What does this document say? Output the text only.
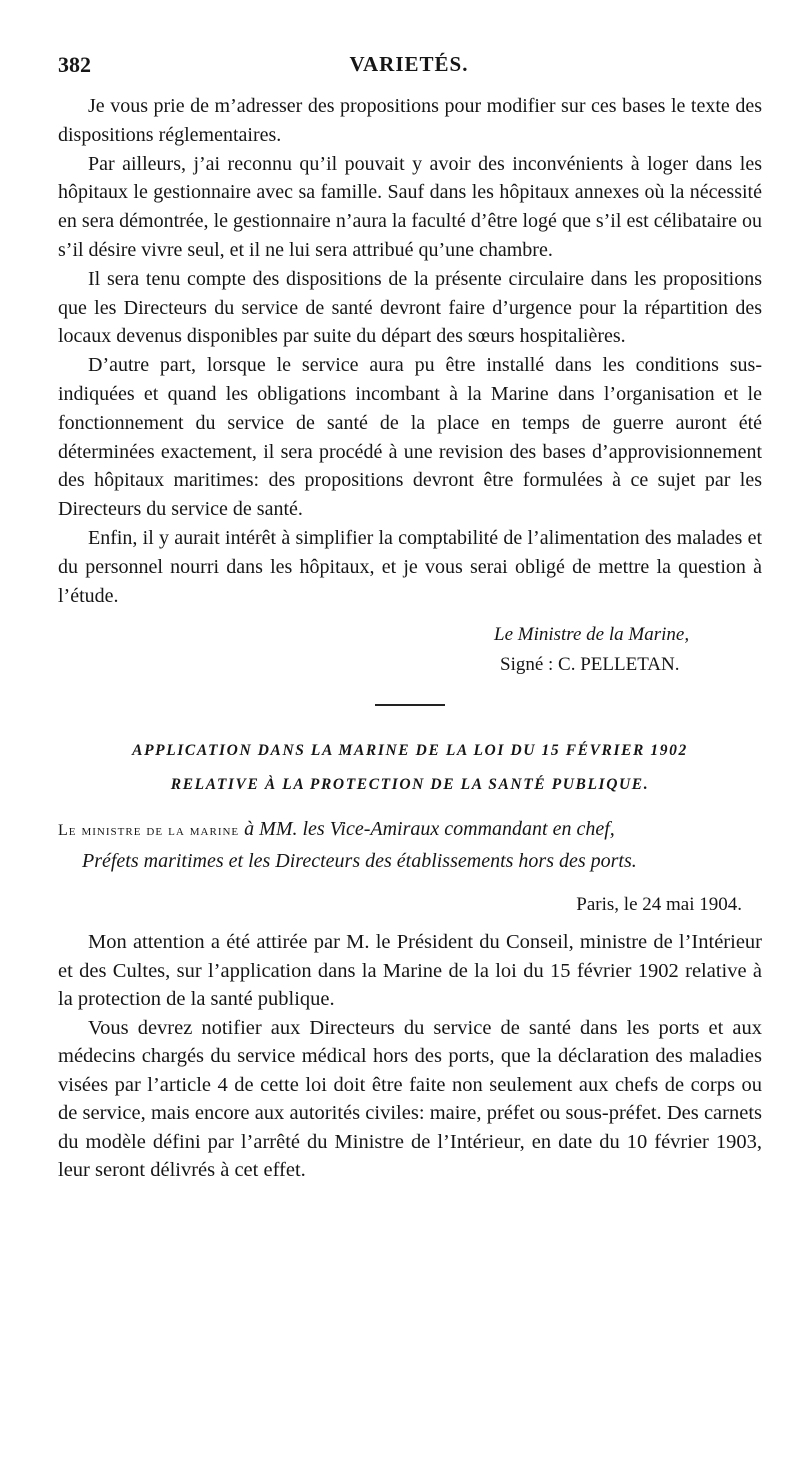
382	VARIETÉS.

Je vous prie de m’adresser des propositions pour modifier sur ces bases le texte des dispositions réglementaires.

Par ailleurs, j’ai reconnu qu’il pouvait y avoir des inconvénients à loger dans les hôpitaux le gestionnaire avec sa famille. Sauf dans les hôpitaux annexes où la nécessité en sera démontrée, le gestionnaire n’aura la faculté d’être logé que s’il est célibataire ou s’il désire vivre seul, et il ne lui sera attribué qu’une chambre.

Il sera tenu compte des dispositions de la présente circulaire dans les propositions que les Directeurs du service de santé devront faire d’urgence pour la répartition des locaux devenus disponibles par suite du départ des sœurs hospitalières.

D’autre part, lorsque le service aura pu être installé dans les conditions sus-indiquées et quand les obligations incombant à la Marine dans l’organisation et le fonctionnement du service de santé de la place en temps de guerre auront été déterminées exactement, il sera procédé à une revision des bases d’approvisionnement des hôpitaux maritimes: des propositions devront être formulées à ce sujet par les Directeurs du service de santé.

Enfin, il y aurait intérêt à simplifier la comptabilité de l’alimentation des malades et du personnel nourri dans les hôpitaux, et je vous serai obligé de mettre la question à l’étude.

Le Ministre de la Marine,
Signé : C. PELLETAN.
APPLICATION DANS LA MARINE DE LA LOI DU 15 FÉVRIER 1902
RELATIVE À LA PROTECTION DE LA SANTÉ PUBLIQUE.
Le ministre de la marine à MM. les Vice-Amiraux commandant en chef,
Préfets maritimes et les Directeurs des établissements hors des ports.
Paris, le 24 mai 1904.

Mon attention a été attirée par M. le Président du Conseil, ministre de l’Intérieur et des Cultes, sur l’application dans la Marine de la loi du 15 février 1902 relative à la protection de la santé publique.

Vous devrez notifier aux Directeurs du service de santé dans les ports et aux médecins chargés du service médical hors des ports, que la déclaration des maladies visées par l’article 4 de cette loi doit être faite non seulement aux chefs de corps ou de service, mais encore aux autorités civiles: maire, préfet ou sous-préfet. Des carnets du modèle défini par l’arrêté du Ministre de l’Intérieur, en date du 10 février 1903, leur seront délivrés à cet effet.
